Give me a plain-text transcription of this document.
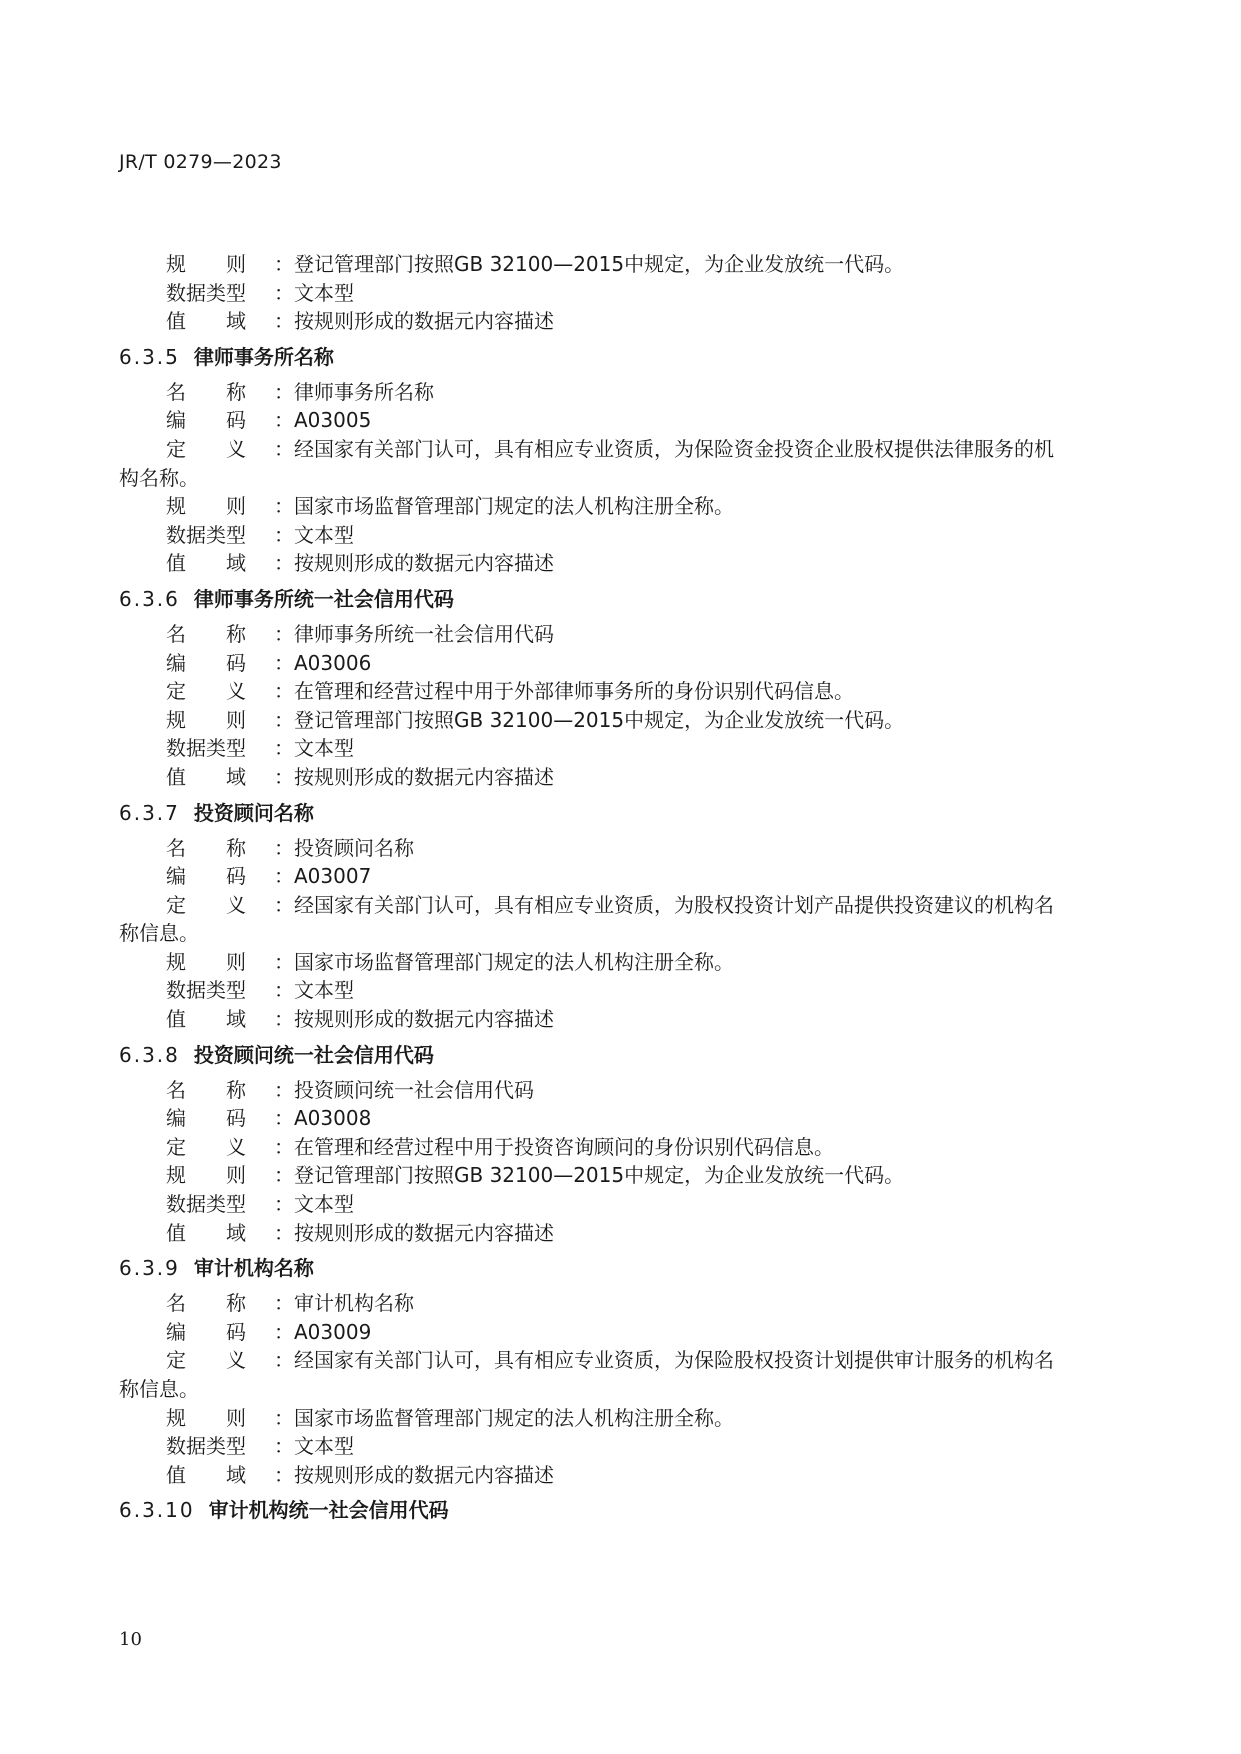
JR/T 0279—2023
规　　则 ：登记管理部门按照GB 32100—2015中规定，为企业发放统一代码。
数据类型 ：文本型
值　　域 ：按规则形成的数据元内容描述
6.3.5 律师事务所名称
名　　称 ：律师事务所名称
编　　码 ：A03005
定　　义 ：经国家有关部门认可，具有相应专业资质，为保险资金投资企业股权提供法律服务的机
构名称。
规　　则 ：国家市场监督管理部门规定的法人机构注册全称。
数据类型 ：文本型
值　　域 ：按规则形成的数据元内容描述
6.3.6 律师事务所统一社会信用代码
名　　称 ：律师事务所统一社会信用代码
编　　码 ：A03006
定　　义 ：在管理和经营过程中用于外部律师事务所的身份识别代码信息。
规　　则 ：登记管理部门按照GB 32100—2015中规定，为企业发放统一代码。
数据类型 ：文本型
值　　域 ：按规则形成的数据元内容描述
6.3.7 投资顾问名称
名　　称 ：投资顾问名称
编　　码 ：A03007
定　　义 ：经国家有关部门认可，具有相应专业资质，为股权投资计划产品提供投资建议的机构名
称信息。
规　　则 ：国家市场监督管理部门规定的法人机构注册全称。
数据类型 ：文本型
值　　域 ：按规则形成的数据元内容描述
6.3.8 投资顾问统一社会信用代码
名　　称 ：投资顾问统一社会信用代码
编　　码 ：A03008
定　　义 ：在管理和经营过程中用于投资咨询顾问的身份识别代码信息。
规　　则 ：登记管理部门按照GB 32100—2015中规定，为企业发放统一代码。
数据类型 ：文本型
值　　域 ：按规则形成的数据元内容描述
6.3.9 审计机构名称
名　　称 ：审计机构名称
编　　码 ：A03009
定　　义 ：经国家有关部门认可，具有相应专业资质，为保险股权投资计划提供审计服务的机构名
称信息。
规　　则 ：国家市场监督管理部门规定的法人机构注册全称。
数据类型 ：文本型
值　　域 ：按规则形成的数据元内容描述
6.3.10 审计机构统一社会信用代码
10
